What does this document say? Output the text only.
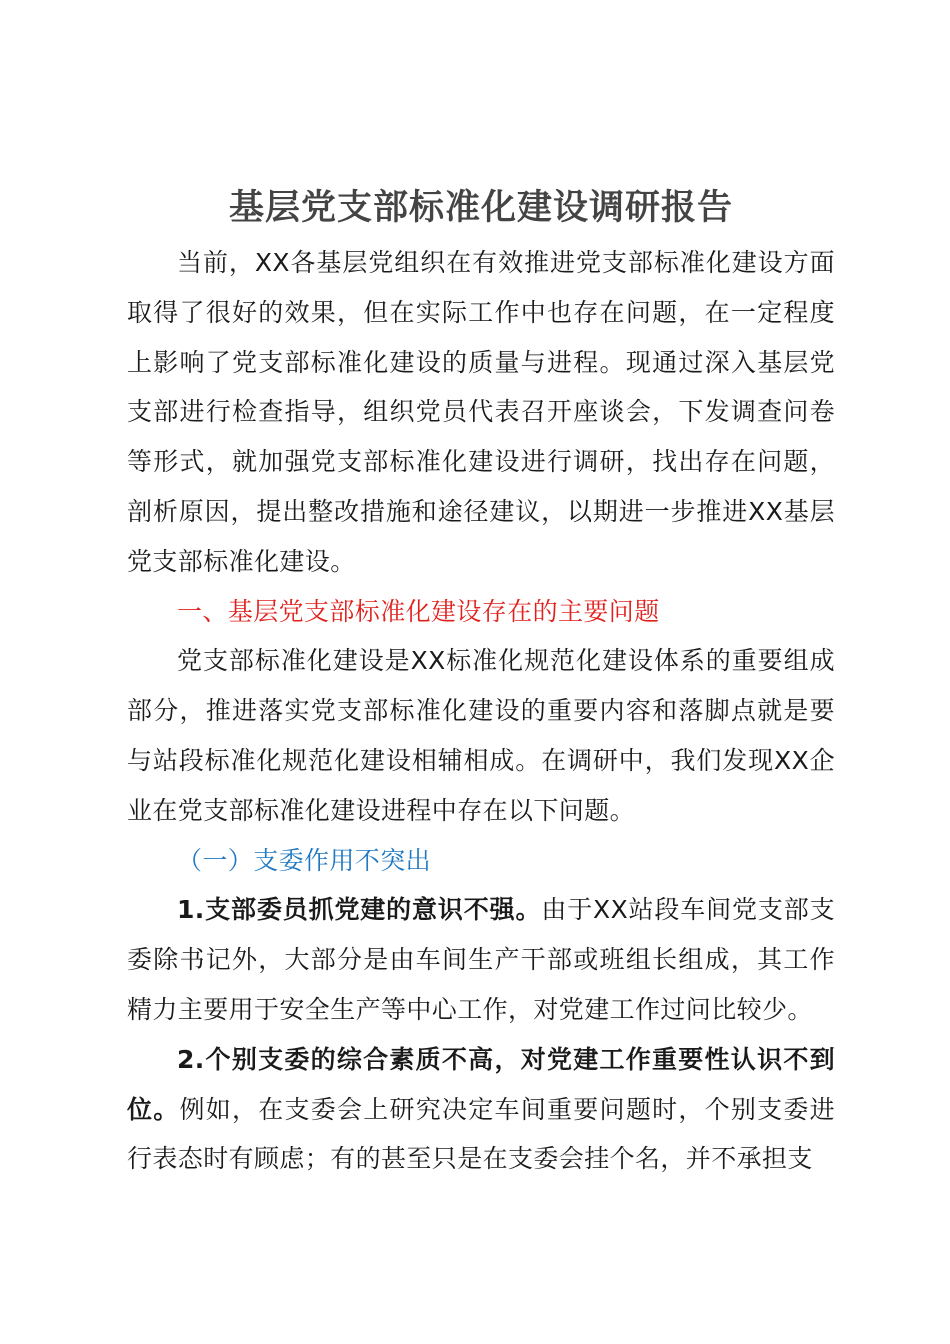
基层党支部标准化建设调研报告

当前，XX各基层党组织在有效推进党支部标准化建设方面取得了很好的效果，但在实际工作中也存在问题，在一定程度上影响了党支部标准化建设的质量与进程。现通过深入基层党支部进行检查指导，组织党员代表召开座谈会，下发调查问卷等形式，就加强党支部标准化建设进行调研，找出存在问题，剖析原因，提出整改措施和途径建议，以期进一步推进XX基层党支部标准化建设。

一、基层党支部标准化建设存在的主要问题

党支部标准化建设是XX标准化规范化建设体系的重要组成部分，推进落实党支部标准化建设的重要内容和落脚点就是要与站段标准化规范化建设相辅相成。在调研中，我们发现XX企业在党支部标准化建设进程中存在以下问题。

（一）支委作用不突出

1.支部委员抓党建的意识不强。由于XX站段车间党支部支委除书记外，大部分是由车间生产干部或班组长组成，其工作精力主要用于安全生产等中心工作，对党建工作过问比较少。

2.个别支委的综合素质不高，对党建工作重要性认识不到位。例如，在支委会上研究决定车间重要问题时，个别支委进行表态时有顾虑；有的甚至只是在支委会挂个名，并不承担支
